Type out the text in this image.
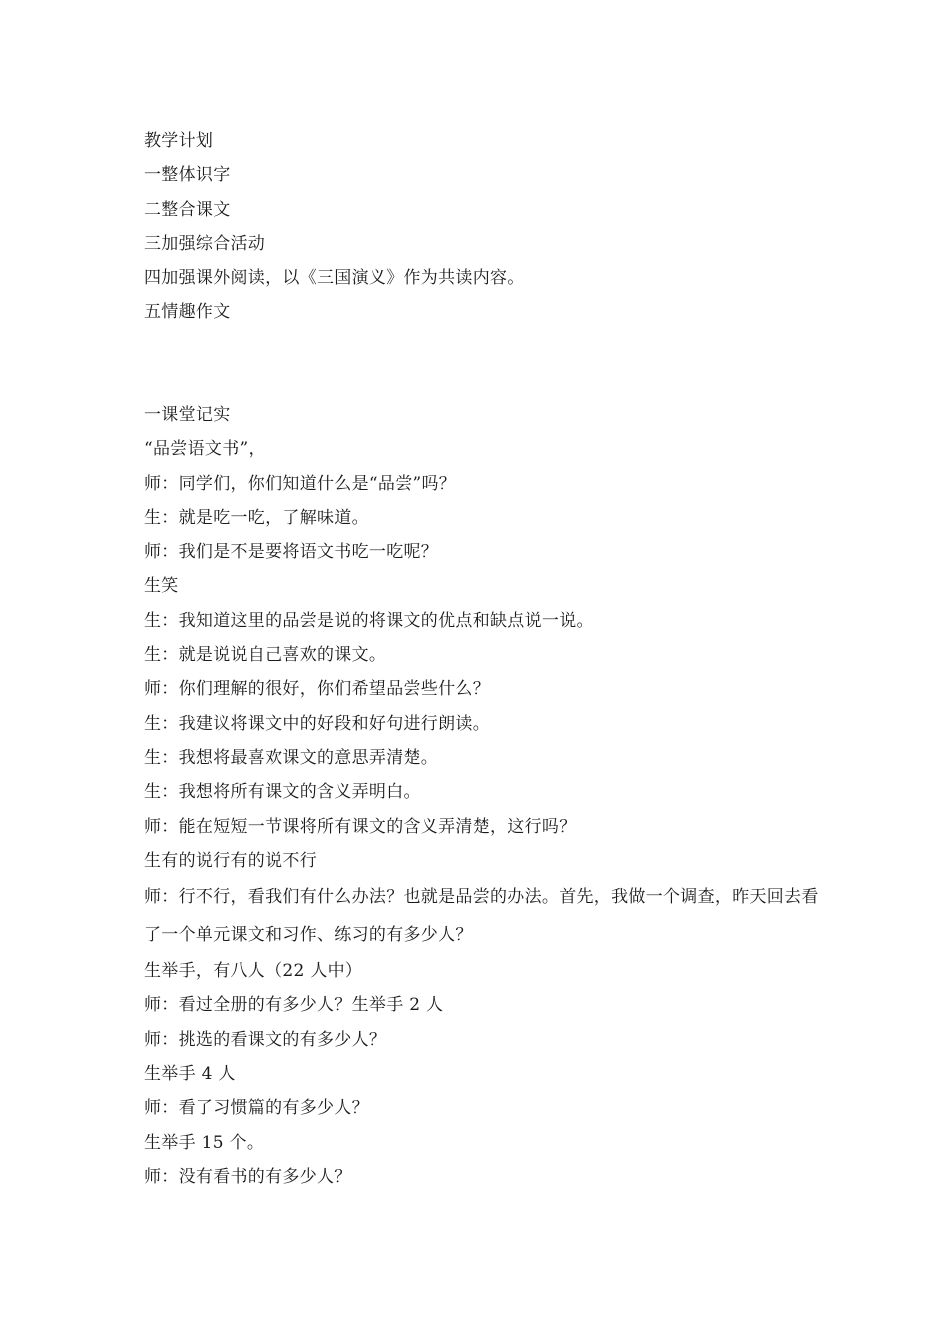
教学计划

一整体识字

二整合课文

三加强综合活动

四加强课外阅读，以《三国演义》作为共读内容。

五情趣作文

一课堂记实

“品尝语文书”，

师：同学们，你们知道什么是“品尝”吗？

生：就是吃一吃，了解味道。

师：我们是不是要将语文书吃一吃呢？

生笑

生：我知道这里的品尝是说的将课文的优点和缺点说一说。

生：就是说说自己喜欢的课文。

师：你们理解的很好，你们希望品尝些什么？

生：我建议将课文中的好段和好句进行朗读。

生：我想将最喜欢课文的意思弄清楚。

生：我想将所有课文的含义弄明白。

师：能在短短一节课将所有课文的含义弄清楚，这行吗？

生有的说行有的说不行

师：行不行，看我们有什么办法？也就是品尝的办法。首先，我做一个调查，昨天回去看了一个单元课文和习作、练习的有多少人？

生举手，有八人（22 人中）

师：看过全册的有多少人？生举手 2 人

师：挑选的看课文的有多少人？

生举手 4 人

师：看了习惯篇的有多少人？

生举手 15 个。

师：没有看书的有多少人？
